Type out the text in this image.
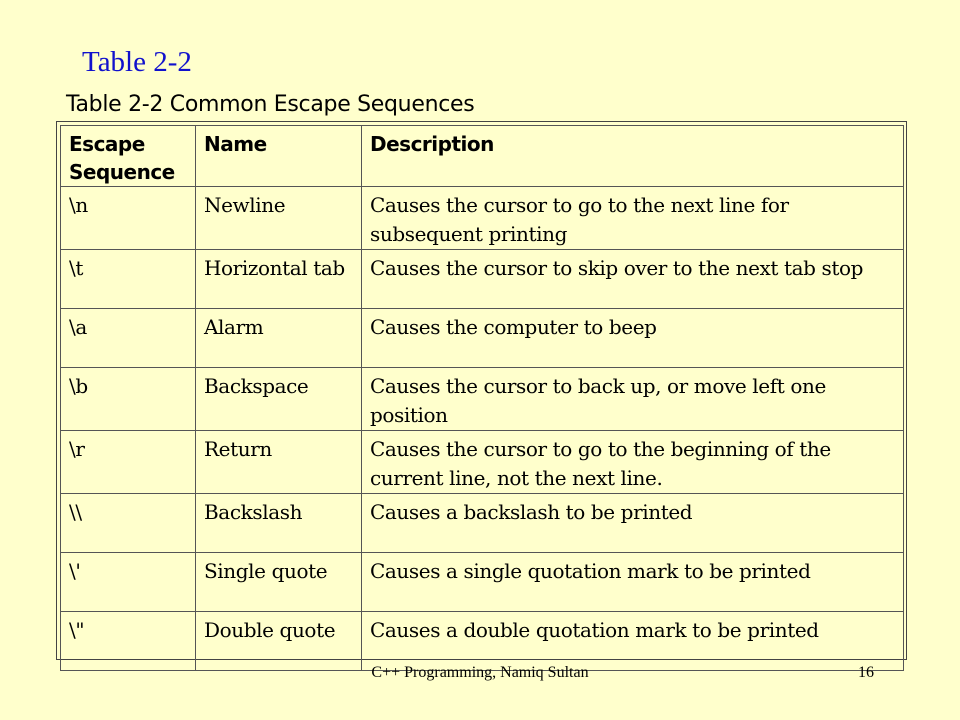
Table 2-2
Table 2-2 Common Escape Sequences
Escape Sequence	Name	Description
\n	Newline	Causes the cursor to go to the next line for subsequent printing
\t	Horizontal tab	Causes the cursor to skip over to the next tab stop
\a	Alarm	Causes the computer to beep
\b	Backspace	Causes the cursor to back up, or move left one position
\r	Return	Causes the cursor to go to the beginning of the current line, not the next line.
\\	Backslash	Causes a backslash to be printed
\'	Single quote	Causes a single quotation mark to be printed
\"	Double quote	Causes a double quotation mark to be printed
C++ Programming, Namiq Sultan	16
